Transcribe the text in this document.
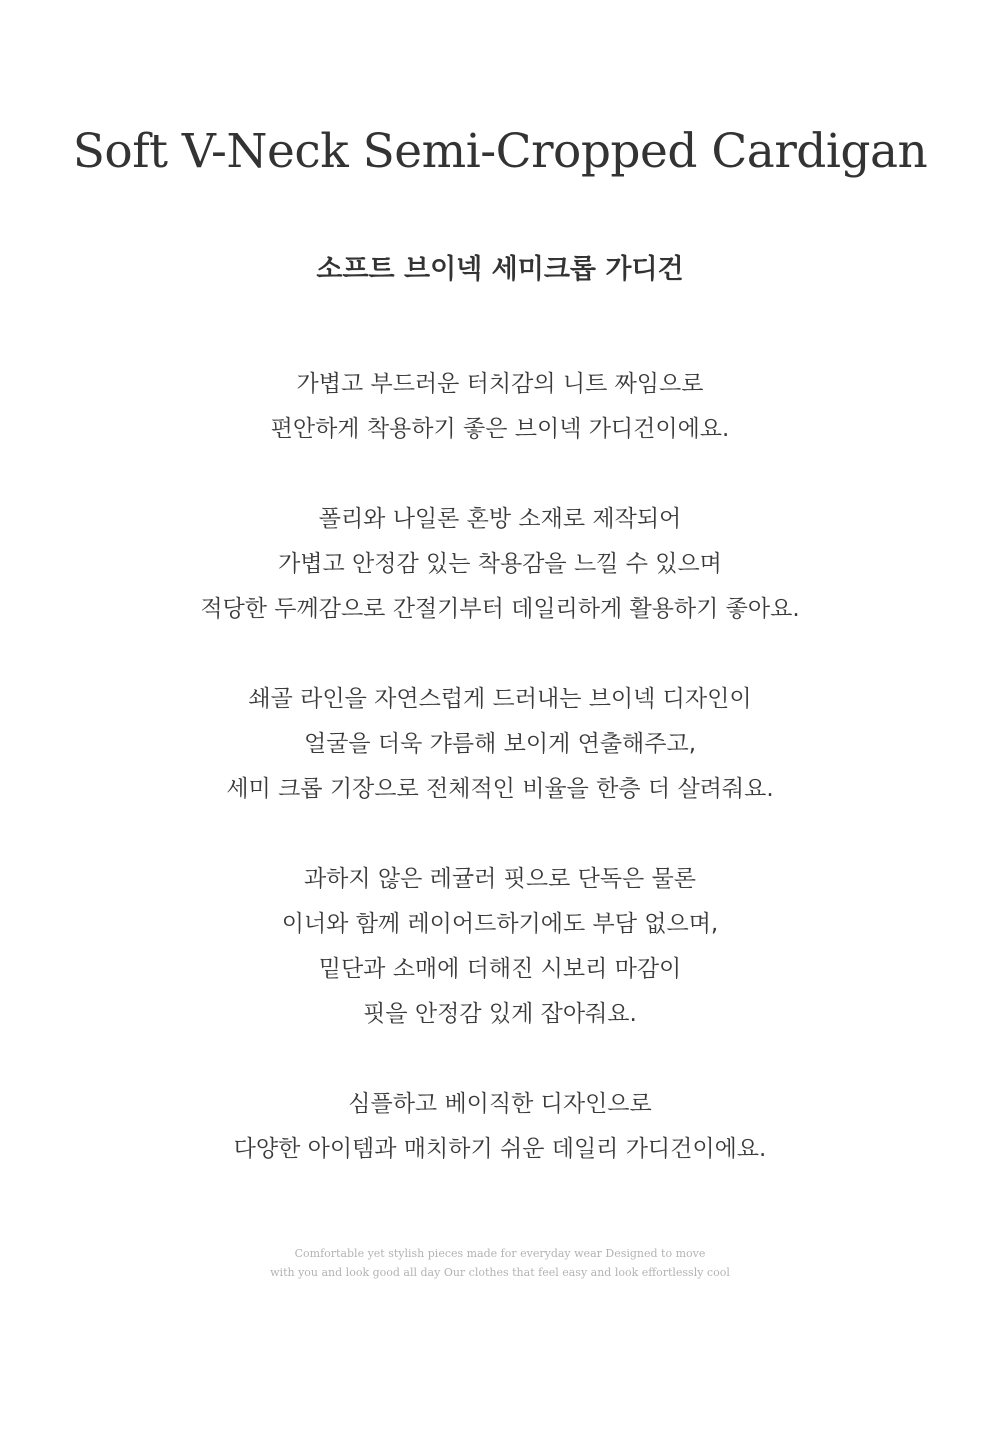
Soft V-Neck Semi-Cropped Cardigan
소프트 브이넥 세미크롭 가디건

가볍고 부드러운 터치감의 니트 짜임으로
편안하게 착용하기 좋은 브이넥 가디건이에요.

폴리와 나일론 혼방 소재로 제작되어
가볍고 안정감 있는 착용감을 느낄 수 있으며
적당한 두께감으로 간절기부터 데일리하게 활용하기 좋아요.

쇄골 라인을 자연스럽게 드러내는 브이넥 디자인이
얼굴을 더욱 갸름해 보이게 연출해주고,
세미 크롭 기장으로 전체적인 비율을 한층 더 살려줘요.

과하지 않은 레귤러 핏으로 단독은 물론
이너와 함께 레이어드하기에도 부담 없으며,
밑단과 소매에 더해진 시보리 마감이
핏을 안정감 있게 잡아줘요.

심플하고 베이직한 디자인으로
다양한 아이템과 매치하기 쉬운 데일리 가디건이에요.

Comfortable yet stylish pieces made for everyday wear Designed to move
with you and look good all day Our clothes that feel easy and look effortlessly cool
